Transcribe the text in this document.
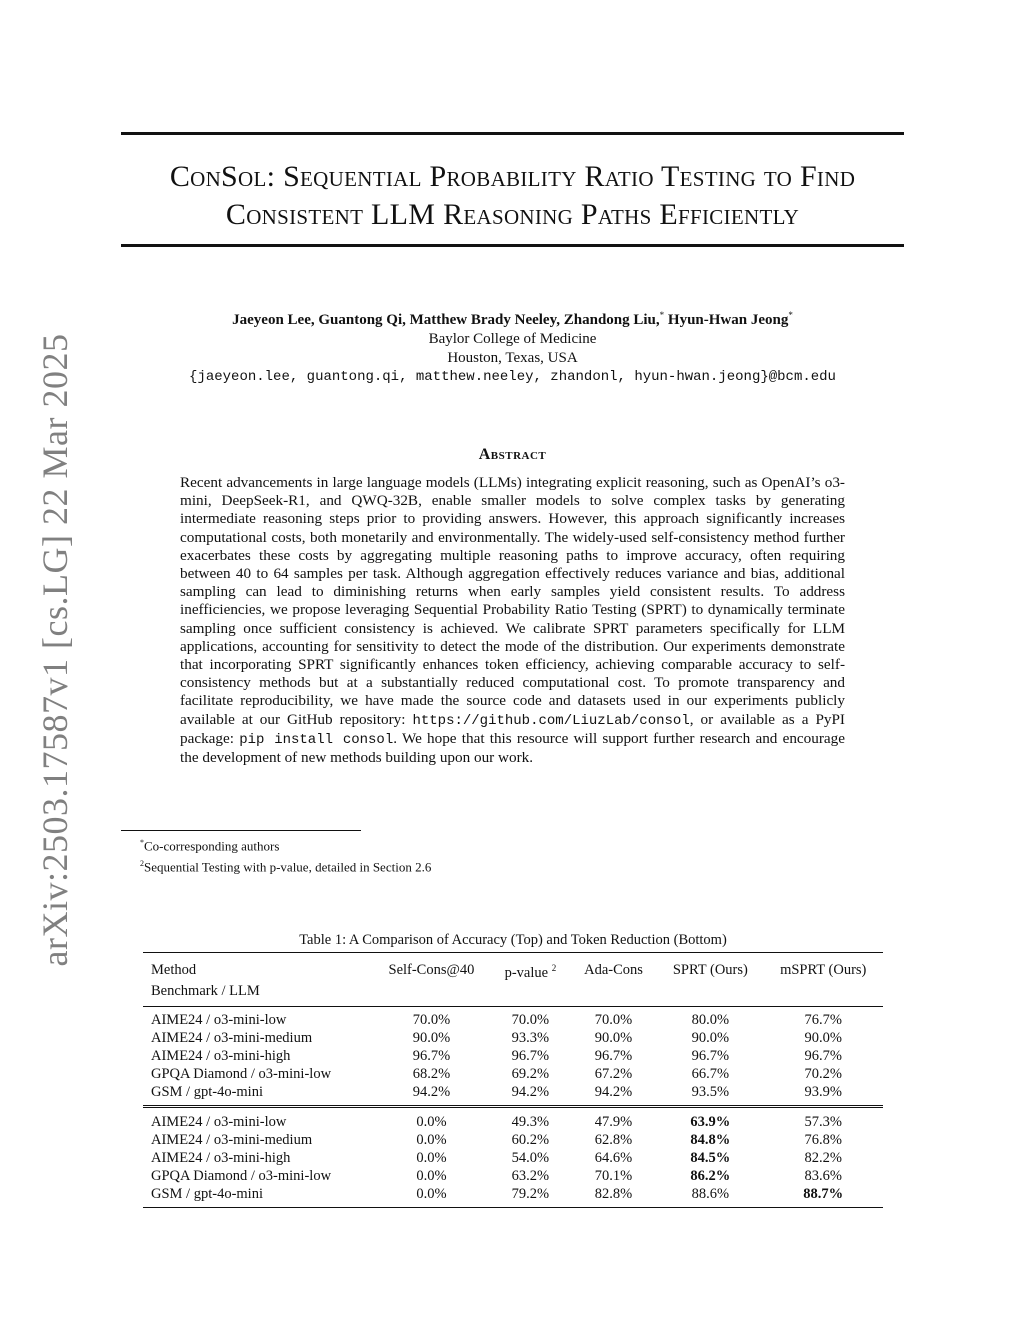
arXiv:2503.17587v1 [cs.LG] 22 Mar 2025
ConSol: Sequential Probability Ratio Testing to Find
Consistent LLM Reasoning Paths Efficiently
Jaeyeon Lee, Guantong Qi, Matthew Brady Neeley, Zhandong Liu,* Hyun-Hwan Jeong*
Baylor College of Medicine
Houston, Texas, USA
{jaeyeon.lee, guantong.qi, matthew.neeley, zhandonl, hyun-hwan.jeong}@bcm.edu
Abstract

Recent advancements in large language models (LLMs) integrating explicit reasoning, such as OpenAI’s o3-mini, DeepSeek-R1, and QWQ-32B, enable smaller models to solve complex tasks by generating intermediate reasoning steps prior to providing answers. However, this approach significantly increases computational costs, both monetarily and environmentally. The widely-used self-consistency method further exacerbates these costs by aggregating multiple reasoning paths to improve accuracy, often requiring between 40 to 64 samples per task. Although aggregation effectively reduces variance and bias, additional sampling can lead to diminishing returns when early samples yield consistent results. To address inefficiencies, we propose leveraging Sequential Probability Ratio Testing (SPRT) to dynamically terminate sampling once sufficient consistency is achieved. We calibrate SPRT parameters specifically for LLM applications, accounting for sensitivity to detect the mode of the distribution. Our experiments demonstrate that incorporating SPRT significantly enhances token efficiency, achieving comparable accuracy to self-consistency methods but at a substantially reduced computational cost. To promote transparency and facilitate reproducibility, we have made the source code and datasets used in our experiments publicly available at our GitHub repository: https://github.com/LiuzLab/consol, or available as a PyPI package: pip install consol. We hope that this resource will support further research and encourage the development of new methods building upon our work.

*Co-corresponding authors
$^2$Sequential Testing with p-value, detailed in Section 2.6
Table 1: A Comparison of Accuracy (Top) and Token Reduction (Bottom)
Method	Self-Cons@40	p-value $^2$	Ada-Cons	SPRT (Ours)	mSPRT (Ours)
Benchmark / LLM					
AIME24 / o3-mini-low	70.0%	70.0%	70.0%	80.0%	76.7%
AIME24 / o3-mini-medium	90.0%	93.3%	90.0%	90.0%	90.0%
AIME24 / o3-mini-high	96.7%	96.7%	96.7%	96.7%	96.7%
GPQA Diamond / o3-mini-low	68.2%	69.2%	67.2%	66.7%	70.2%
GSM / gpt-4o-mini	94.2%	94.2%	94.2%	93.5%	93.9%
AIME24 / o3-mini-low	0.0%	49.3%	47.9%	63.9%	57.3%
AIME24 / o3-mini-medium	0.0%	60.2%	62.8%	84.8%	76.8%
AIME24 / o3-mini-high	0.0%	54.0%	64.6%	84.5%	82.2%
GPQA Diamond / o3-mini-low	0.0%	63.2%	70.1%	86.2%	83.6%
GSM / gpt-4o-mini	0.0%	79.2%	82.8%	88.6%	88.7%
